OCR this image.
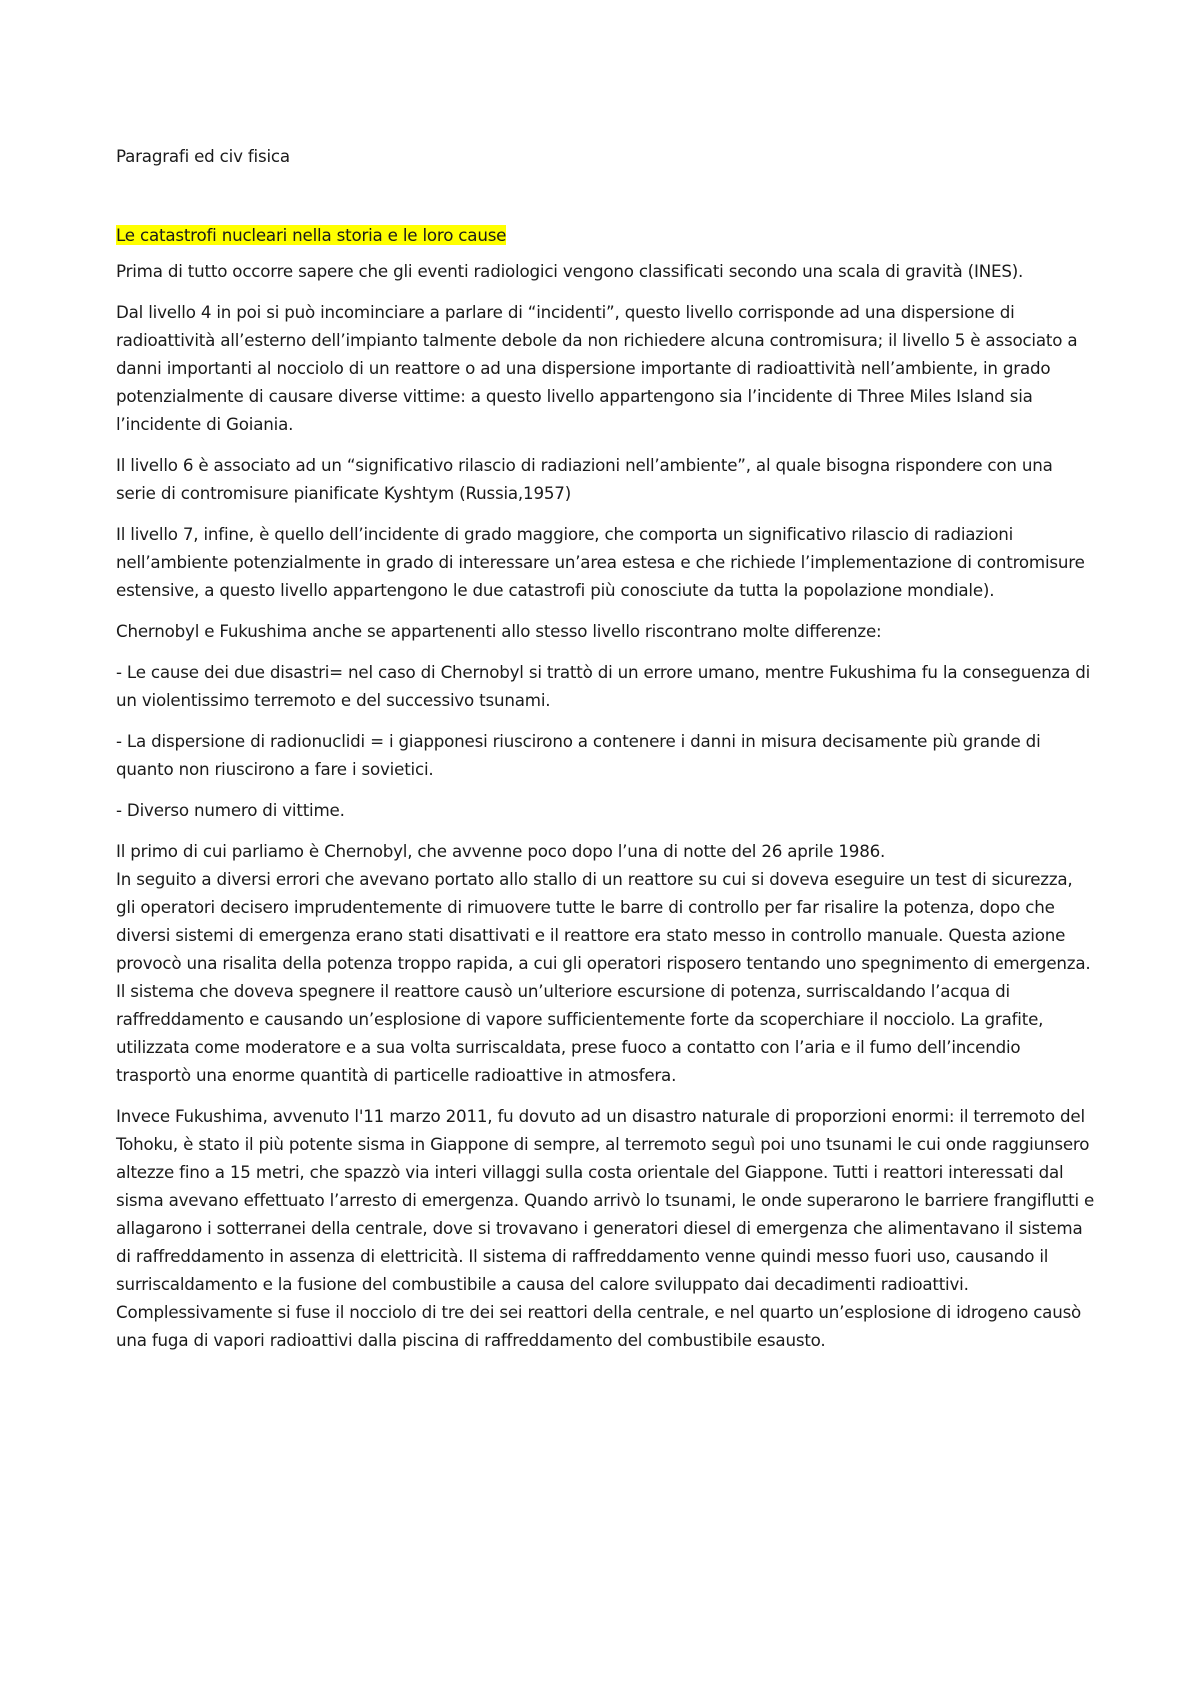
Paragrafi ed civ fisica
Le catastrofi nucleari nella storia e le loro cause

Prima di tutto occorre sapere che gli eventi radiologici vengono classificati secondo una scala di gravità (INES).

Dal livello 4 in poi si può incominciare a parlare di “incidenti”, questo livello corrisponde ad una dispersione di radioattività all’esterno dell’impianto talmente debole da non richiedere alcuna contromisura; il livello 5 è associato a danni importanti al nocciolo di un reattore o ad una dispersione importante di radioattività nell’ambiente, in grado potenzialmente di causare diverse vittime: a questo livello appartengono sia l’incidente di Three Miles Island sia l’incidente di Goiania.

Il livello 6 è associato ad un “significativo rilascio di radiazioni nell’ambiente”, al quale bisogna rispondere con una serie di contromisure pianificate Kyshtym (Russia,1957)

Il livello 7, infine, è quello dell’incidente di grado maggiore, che comporta un significativo rilascio di radiazioni nell’ambiente potenzialmente in grado di interessare un’area estesa e che richiede l’implementazione di contromisure estensive, a questo livello appartengono le due catastrofi più conosciute da tutta la popolazione mondiale).

Chernobyl e Fukushima anche se appartenenti allo stesso livello riscontrano molte differenze:

- Le cause dei due disastri= nel caso di Chernobyl si trattò di un errore umano, mentre Fukushima fu la conseguenza di un violentissimo terremoto e del successivo tsunami.

- La dispersione di radionuclidi = i giapponesi riuscirono a contenere i danni in misura decisamente più grande di quanto non riuscirono a fare i sovietici.

- Diverso numero di vittime.

Il primo di cui parliamo è Chernobyl, che avvenne poco dopo l’una di notte del 26 aprile 1986.

In seguito a diversi errori che avevano portato allo stallo di un reattore su cui si doveva eseguire un test di sicurezza, gli operatori decisero imprudentemente di rimuovere tutte le barre di controllo per far risalire la potenza, dopo che diversi sistemi di emergenza erano stati disattivati e il reattore era stato messo in controllo manuale. Questa azione provocò una risalita della potenza troppo rapida, a cui gli operatori risposero tentando uno spegnimento di emergenza. Il sistema che doveva spegnere il reattore causò un’ulteriore escursione di potenza, surriscaldando l’acqua di raffreddamento e causando un’esplosione di vapore sufficientemente forte da scoperchiare il nocciolo. La grafite, utilizzata come moderatore e a sua volta surriscaldata, prese fuoco a contatto con l’aria e il fumo dell’incendio trasportò una enorme quantità di particelle radioattive in atmosfera.

Invece Fukushima, avvenuto l'11 marzo 2011, fu dovuto ad un disastro naturale di proporzioni enormi: il terremoto del Tohoku, è stato il più potente sisma in Giappone di sempre, al terremoto seguì poi uno tsunami le cui onde raggiunsero altezze fino a 15 metri, che spazzò via interi villaggi sulla costa orientale del Giappone. Tutti i reattori interessati dal sisma avevano effettuato l’arresto di emergenza. Quando arrivò lo tsunami, le onde superarono le barriere frangiflutti e allagarono i sotterranei della centrale, dove si trovavano i generatori diesel di emergenza che alimentavano il sistema di raffreddamento in assenza di elettricità. Il sistema di raffreddamento venne quindi messo fuori uso, causando il surriscaldamento e la fusione del combustibile a causa del calore sviluppato dai decadimenti radioattivi. Complessivamente si fuse il nocciolo di tre dei sei reattori della centrale, e nel quarto un’esplosione di idrogeno causò una fuga di vapori radioattivi dalla piscina di raffreddamento del combustibile esausto.
